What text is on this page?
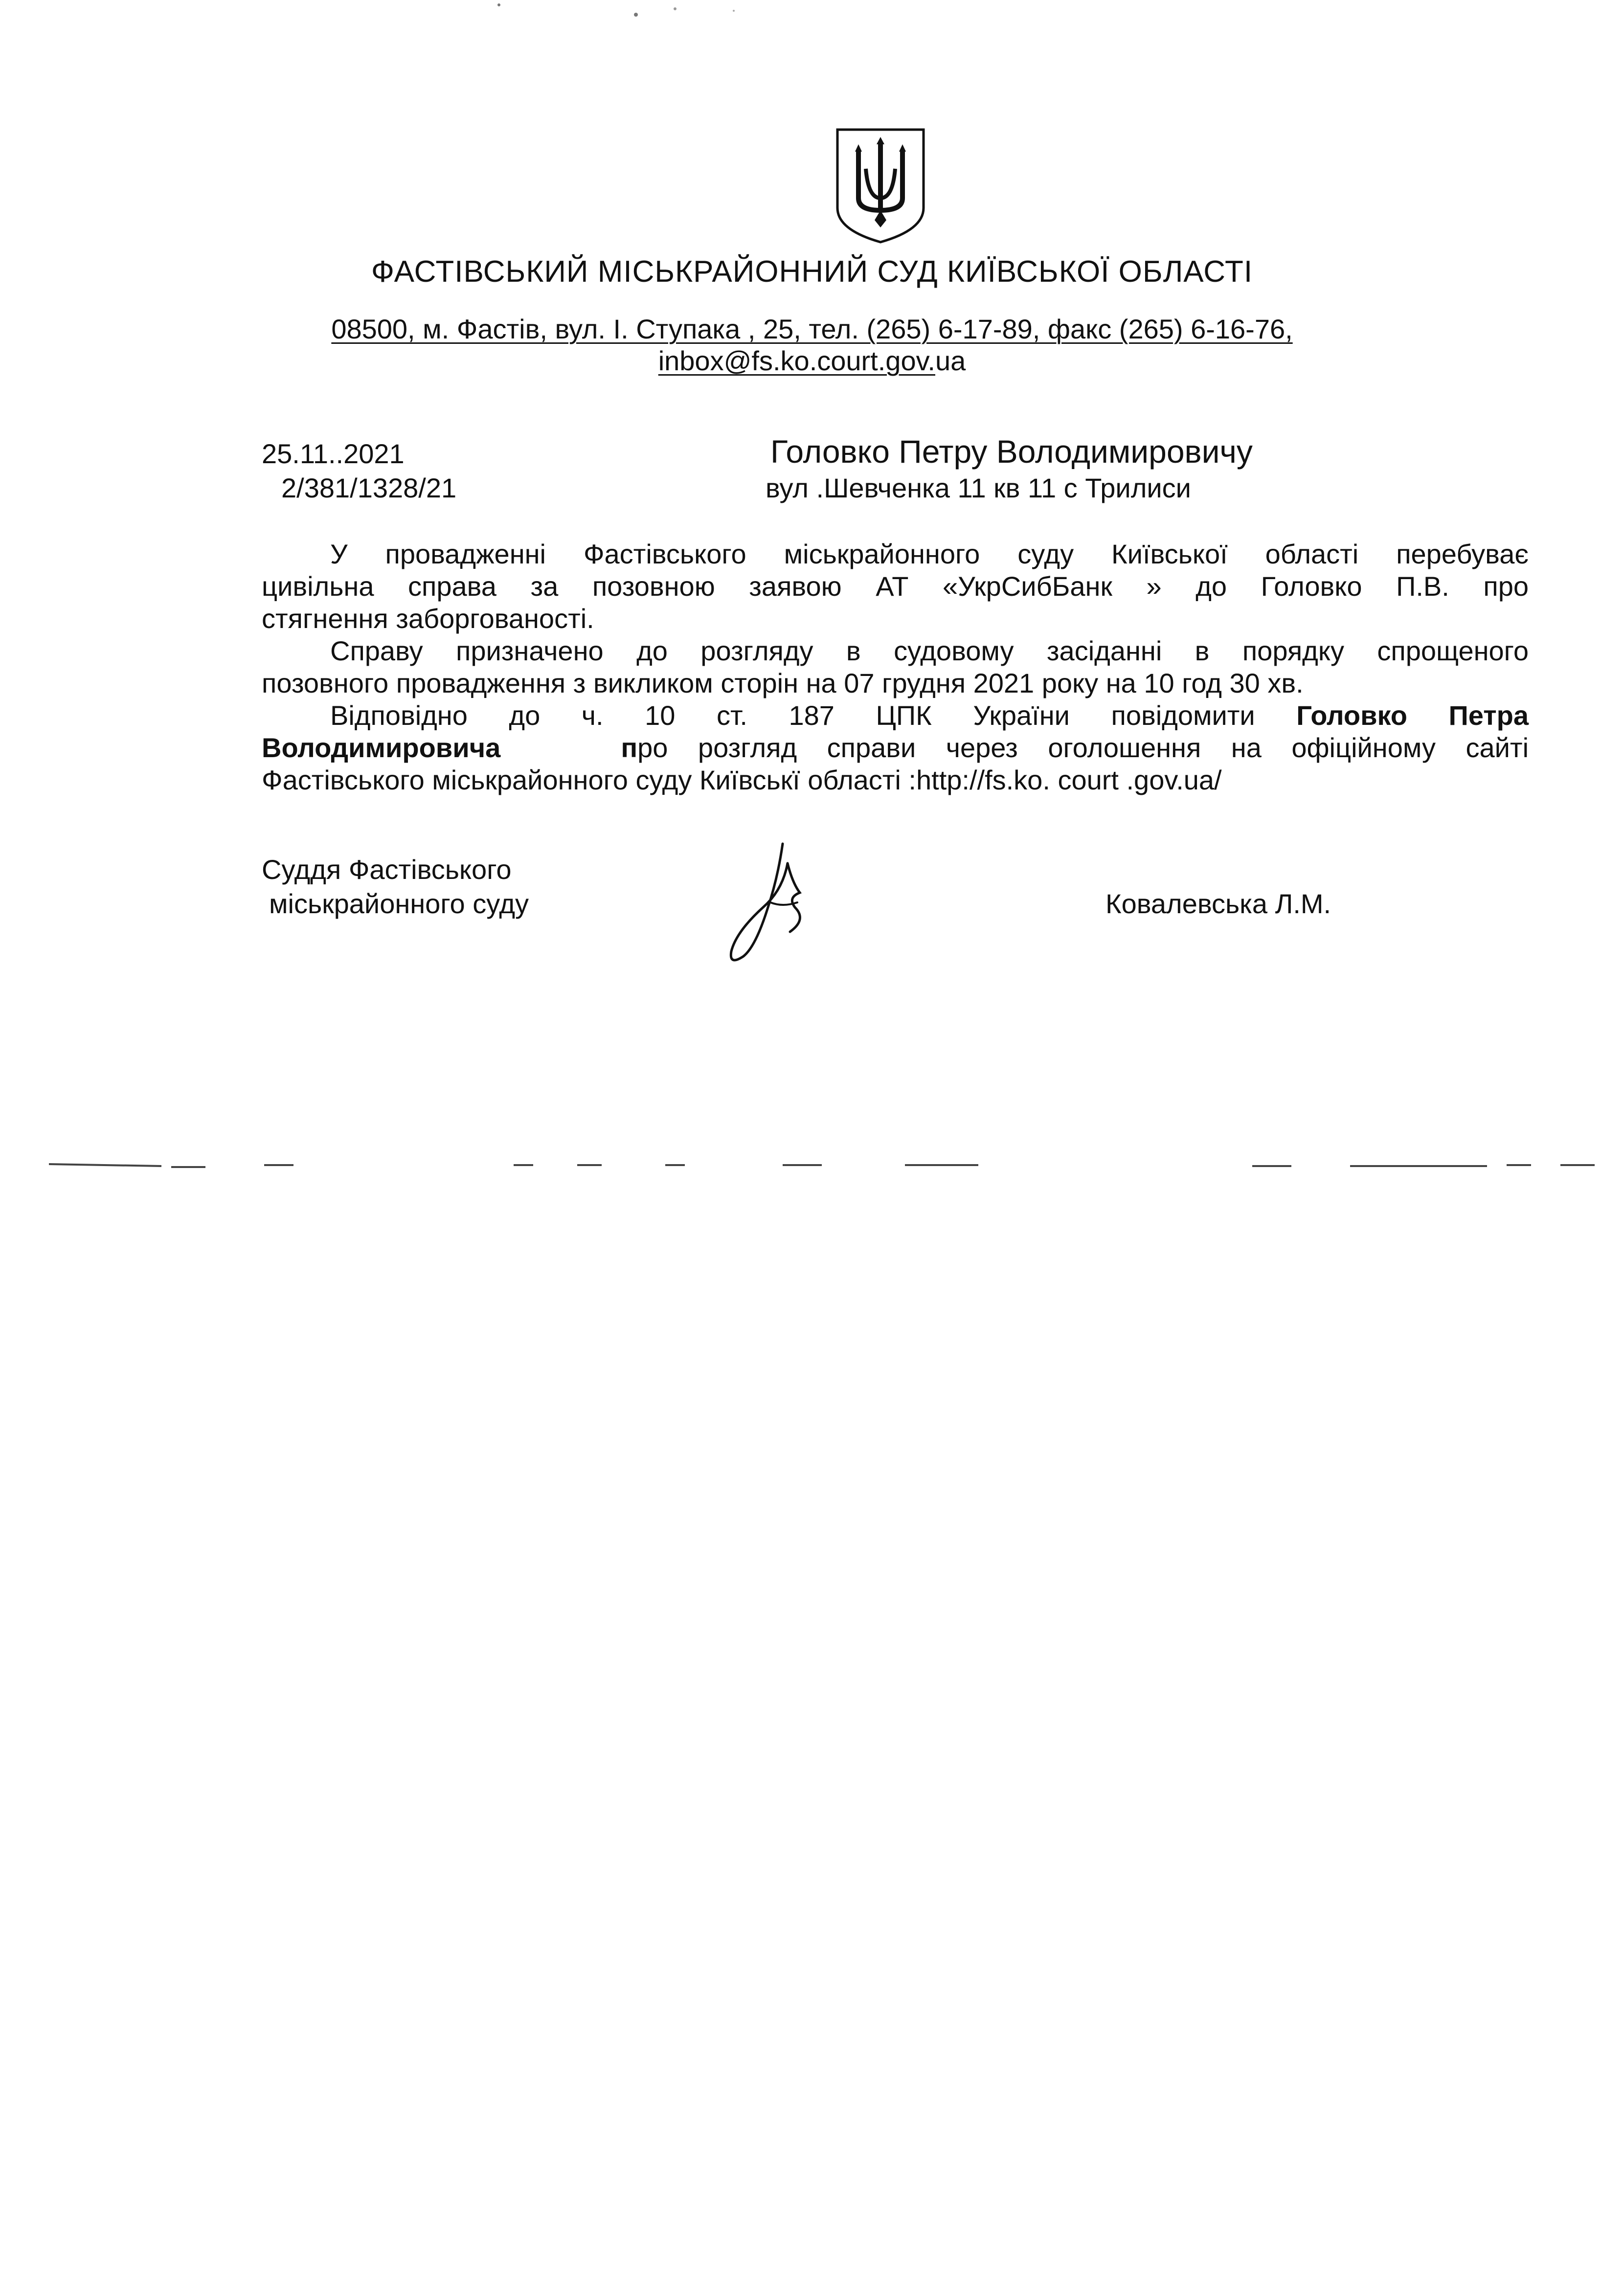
ФАСТІВСЬКИЙ МІСЬКРАЙОННИЙ СУД КИЇВСЬКОЇ ОБЛАСТІ
08500, м. Фастів, вул. І. Ступака , 25, тел. (265) 6-17-89, факс (265) 6-16-76,
inbox@fs.ko.court.gov.ua
25.11..2021
2/381/1328/21
Головко Петру Володимировичу
вул .Шевченка 11 кв 11 с Трилиси

У провадженні Фастівського міськрайонного суду Київської області перебуває

цивільна справа за позовною заявою АТ «УкрСибБанк » до Головко П.В. про

стягнення заборгованості.

Справу призначено до розгляду в судовому засіданні в порядку спрощеного

позовного провадження з викликом сторін на 07 грудня 2021 року на 10 год 30 хв.

Відповідно до ч. 10 ст. 187 ЦПК України повідомити Головко Петра

Володимировича	про розгляд справи через оголошення на офіційному сайті

Фастівського міськрайонного суду Київськї області :http://fs.ko. court .gov.ua/

Суддя Фастівського
міськрайонного суду	Ковалевська Л.М.
